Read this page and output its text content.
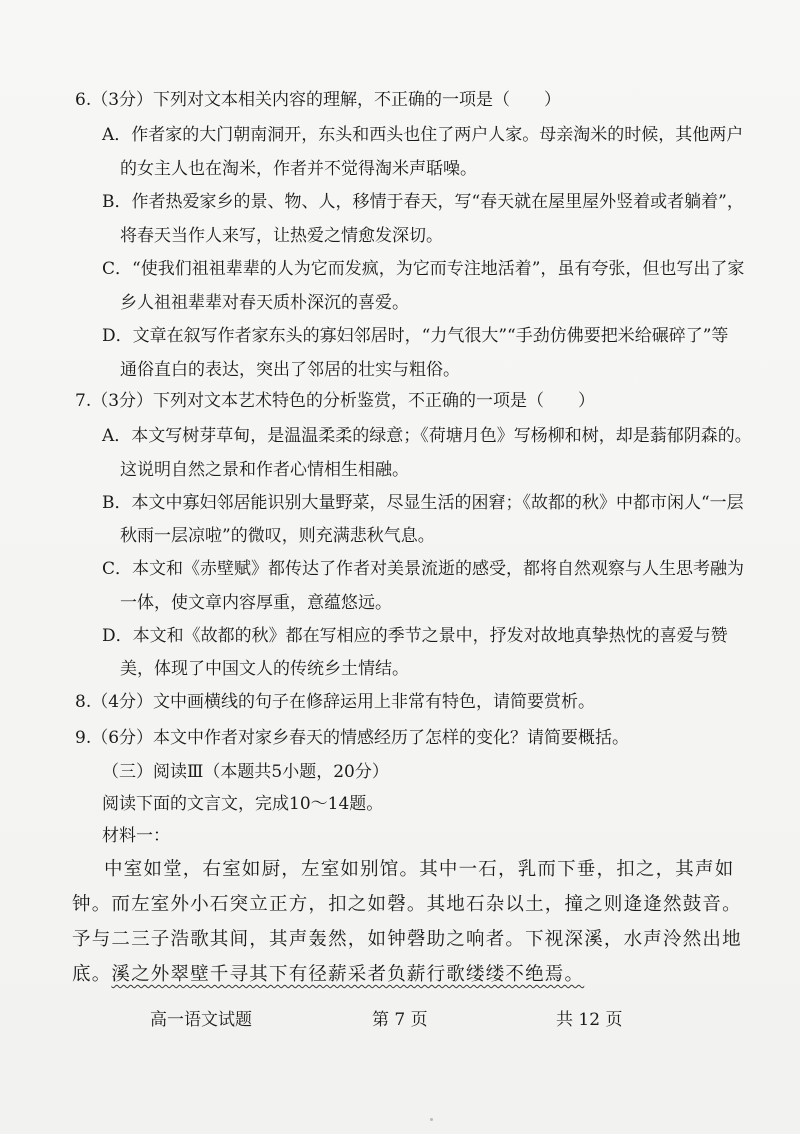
6.（3分）下列对文本相关内容的理解，不正确的一项是（　　）
A．作者家的大门朝南洞开，东头和西头也住了两户人家。母亲淘米的时候，其他两户
的女主人也在淘米，作者并不觉得淘米声聒噪。
B．作者热爱家乡的景、物、人，移情于春天，写“春天就在屋里屋外竖着或者躺着”，
将春天当作人来写，让热爱之情愈发深切。
C．“使我们祖祖辈辈的人为它而发疯，为它而专注地活着”，虽有夸张，但也写出了家
乡人祖祖辈辈对春天质朴深沉的喜爱。
D．文章在叙写作者家东头的寡妇邻居时，“力气很大”“手劲仿佛要把米给碾碎了”等
通俗直白的表达，突出了邻居的壮实与粗俗。
7.（3分）下列对文本艺术特色的分析鉴赏，不正确的一项是（　　）
A．本文写树芽草甸，是温温柔柔的绿意；《荷塘月色》写杨柳和树，却是蓊郁阴森的。
这说明自然之景和作者心情相生相融。
B．本文中寡妇邻居能识别大量野菜，尽显生活的困窘；《故都的秋》中都市闲人“一层
秋雨一层凉啦”的微叹，则充满悲秋气息。
C．本文和《赤壁赋》都传达了作者对美景流逝的感受，都将自然观察与人生思考融为
一体，使文章内容厚重，意蕴悠远。
D．本文和《故都的秋》都在写相应的季节之景中，抒发对故地真挚热忱的喜爱与赞
美，体现了中国文人的传统乡土情结。
8.（4分）文中画横线的句子在修辞运用上非常有特色，请简要赏析。
9.（6分）本文中作者对家乡春天的情感经历了怎样的变化？请简要概括。
（三）阅读Ⅲ（本题共5小题，20分）
阅读下面的文言文，完成10～14题。
材料一：
中室如堂，右室如厨，左室如别馆。其中一石，乳而下垂，扣之，其声如
钟。而左室外小石突立正方，扣之如磬。其地石杂以土，撞之则逄逄然鼓音。
予与二三子浩歌其间，其声轰然，如钟磬助之响者。下视深溪，水声泠然出地
底。溪之外翠壁千寻其下有径薪采者负薪行歌缕缕不绝焉。
高一语文试题	第 7 页	共 12 页
